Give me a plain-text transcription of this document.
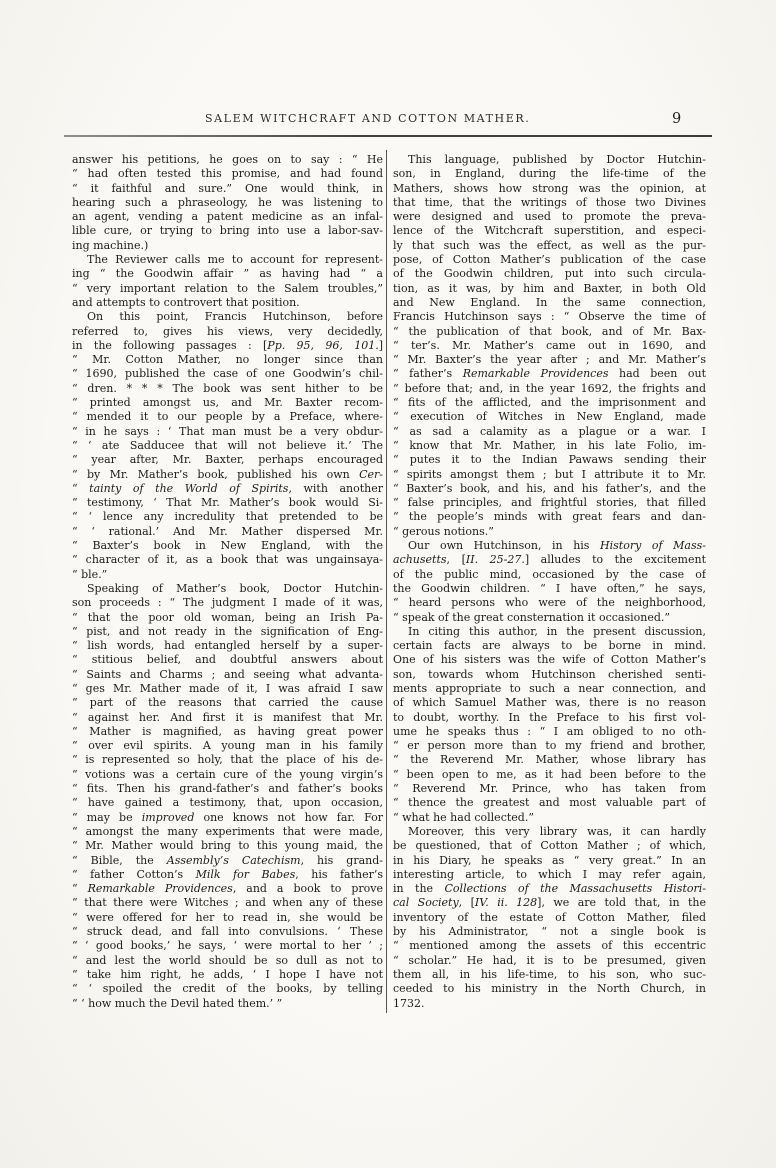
SALEM WITCHCRAFT AND COTTON MATHER.	9
answer his petitions, he goes on to say : “ He
“ had often tested this promise, and had found
“ it faithful and sure.” One would think, in
hearing such a phraseology, he was listening to
an agent, vending a patent medicine as an infal-
lible cure, or trying to bring into use a labor-sav-
ing machine.)
The Reviewer calls me to account for represent-
ing “ the Goodwin affair ” as having had “ a
“ very important relation to the Salem troubles,”
and attempts to controvert that position.
On this point, Francis Hutchinson, before
referred to, gives his views, very decidedly,
in the following passages : [Pp. 95, 96, 101.]
“ Mr. Cotton Mather, no longer since than
“ 1690, published the case of one Goodwin’s chil-
“ dren. * * * The book was sent hither to be
“ printed amongst us, and Mr. Baxter recom-
“ mended it to our people by a Preface, where-
“ in he says : ‘ That man must be a very obdur-
“ ‘ ate Sadducee that will not believe it.’ The
“ year after, Mr. Baxter, perhaps encouraged
“ by Mr. Mather’s book, published his own Cer-
“ tainty of the World of Spirits, with another
“ testimony, ‘ That Mr. Mather’s book would Si-
“ ‘ lence any incredulity that pretended to be
“ ‘ rational.’ And Mr. Mather dispersed Mr.
“ Baxter’s book in New England, with the
“ character of it, as a book that was ungainsaya-
“ ble.”
Speaking of Mather’s book, Doctor Hutchin-
son proceeds : “ The judgment I made of it was,
“ that the poor old woman, being an Irish Pa-
“ pist, and not ready in the signification of Eng-
“ lish words, had entangled herself by a super-
“ stitious belief, and doubtful answers about
“ Saints and Charms ; and seeing what advanta-
“ ges Mr. Mather made of it, I was afraid I saw
“ part of the reasons that carried the cause
“ against her. And first it is manifest that Mr.
“ Mather is magnified, as having great power
“ over evil spirits. A young man in his family
“ is represented so holy, that the place of his de-
“ votions was a certain cure of the young virgin’s
“ fits. Then his grand-father’s and father’s books
“ have gained a testimony, that, upon occasion,
“ may be improved one knows not how far. For
“ amongst the many experiments that were made,
“ Mr. Mather would bring to this young maid, the
“ Bible, the Assembly’s Catechism, his grand-
“ father Cotton’s Milk for Babes, his father’s
“ Remarkable Providences, and a book to prove
“ that there were Witches ; and when any of these
“ were offered for her to read in, she would be
“ struck dead, and fall into convulsions. ‘ These
“ ‘ good books,’ he says, ‘ were mortal to her ’ ;
“ and lest the world should be so dull as not to
“ take him right, he adds, ‘ I hope I have not
“ ‘ spoiled the credit of the books, by telling
“ ‘ how much the Devil hated them.’ ”
This language, published by Doctor Hutchin-
son, in England, during the life-time of the
Mathers, shows how strong was the opinion, at
that time, that the writings of those two Divines
were designed and used to promote the preva-
lence of the Witchcraft superstition, and especi-
ly that such was the effect, as well as the pur-
pose, of Cotton Mather’s publication of the case
of the Goodwin children, put into such circula-
tion, as it was, by him and Baxter, in both Old
and New England. In the same connection,
Francis Hutchinson says : “ Observe the time of
“ the publication of that book, and of Mr. Bax-
“ ter’s. Mr. Mather’s came out in 1690, and
“ Mr. Baxter’s the year after ; and Mr. Mather’s
“ father’s Remarkable Providences had been out
“ before that; and, in the year 1692, the frights and
“ fits of the afflicted, and the imprisonment and
“ execution of Witches in New England, made
“ as sad a calamity as a plague or a war. I
“ know that Mr. Mather, in his late Folio, im-
“ putes it to the Indian Pawaws sending their
“ spirits amongst them ; but I attribute it to Mr.
“ Baxter’s book, and his, and his father’s, and the
“ false principles, and frightful stories, that filled
“ the people’s minds with great fears and dan-
“ gerous notions.”
Our own Hutchinson, in his History of Mass-
achusetts, [II. 25-27.] alludes to the excitement
of the public mind, occasioned by the case of
the Goodwin children. “ I have often,” he says,
“ heard persons who were of the neighborhood,
“ speak of the great consternation it occasioned.”
In citing this author, in the present discussion,
certain facts are always to be borne in mind.
One of his sisters was the wife of Cotton Mather’s
son, towards whom Hutchinson cherished senti-
ments appropriate to such a near connection, and
of which Samuel Mather was, there is no reason
to doubt, worthy. In the Preface to his first vol-
ume he speaks thus : “ I am obliged to no oth-
“ er person more than to my friend and brother,
“ the Reverend Mr. Mather, whose library has
“ been open to me, as it had been before to the
“ Reverend Mr. Prince, who has taken from
“ thence the greatest and most valuable part of
“ what he had collected.”
Moreover, this very library was, it can hardly
be questioned, that of Cotton Mather ; of which,
in his Diary, he speaks as “ very great.” In an
interesting article, to which I may refer again,
in the Collections of the Massachusetts Histori-
cal Society, [IV. ii. 128], we are told that, in the
inventory of the estate of Cotton Mather, filed
by his Administrator, “ not a single book is
“ mentioned among the assets of this eccentric
“ scholar.” He had, it is to be presumed, given
them all, in his life-time, to his son, who suc-
ceeded to his ministry in the North Church, in
1732.
